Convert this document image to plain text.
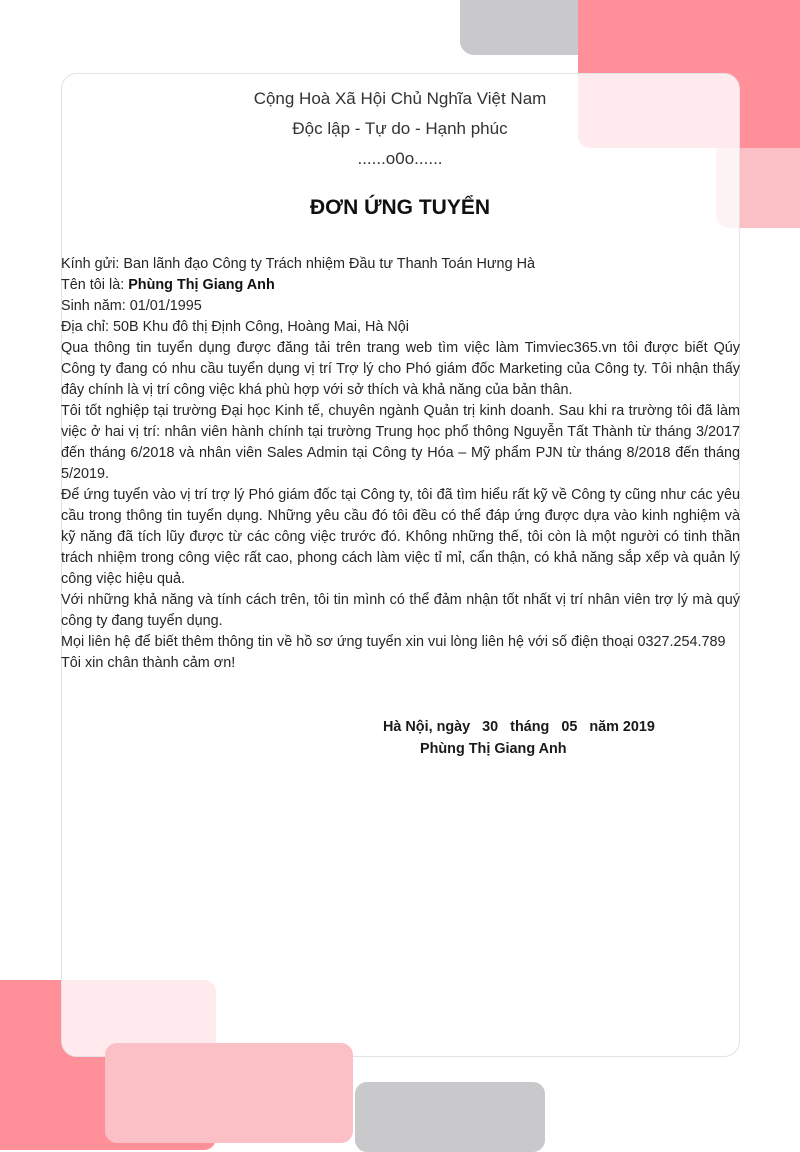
Cộng Hoà Xã Hội Chủ Nghĩa Việt Nam
Độc lập - Tự do - Hạnh phúc
......o0o......
ĐƠN ỨNG TUYỂN

Kính gửi: Ban lãnh đạo Công ty Trách nhiệm Đầu tư Thanh Toán Hưng Hà

Tên tôi là: Phùng Thị Giang Anh

Sinh năm: 01/01/1995

Địa chỉ: 50B Khu đô thị Định Công, Hoàng Mai, Hà Nội

Qua thông tin tuyển dụng được đăng tải trên trang web tìm việc làm Timviec365.vn tôi được biết Qúy Công ty đang có nhu cầu tuyển dụng vị trí Trợ lý cho Phó giám đốc Marketing của Công ty. Tôi nhận thấy đây chính là vị trí công việc khá phù hợp với sở thích và khả năng của bản thân.

Tôi tốt nghiệp tại trường Đại học Kinh tế, chuyên ngành Quản trị kinh doanh. Sau khi ra trường tôi đã làm việc ở hai vị trí: nhân viên hành chính tại trường Trung học phổ thông Nguyễn Tất Thành từ tháng 3/2017 đến tháng 6/2018 và nhân viên Sales Admin tại Công ty Hóa – Mỹ phẩm PJN từ tháng 8/2018 đến tháng 5/2019.

Để ứng tuyển vào vị trí trợ lý Phó giám đốc tại Công ty, tôi đã tìm hiểu rất kỹ về Công ty cũng như các yêu cầu trong thông tin tuyển dụng. Những yêu cầu đó tôi đều có thể đáp ứng được dựa vào kinh nghiệm và kỹ năng đã tích lũy được từ các công việc trước đó. Không những thế, tôi còn là một người có tinh thần trách nhiệm trong công việc rất cao, phong cách làm việc tỉ mỉ, cẩn thận, có khả năng sắp xếp và quản lý công việc hiệu quả.

Với những khả năng và tính cách trên, tôi tin mình có thể đảm nhận tốt nhất vị trí nhân viên trợ lý mà quý công ty đang tuyển dụng.

Mọi liên hệ để biết thêm thông tin về hồ sơ ứng tuyển xin vui lòng liên hệ với số điện thoại 0327.254.789

Tôi xin chân thành cảm ơn!

Hà Nội, ngày   30   tháng   05   năm 2019
Phùng Thị Giang Anh
